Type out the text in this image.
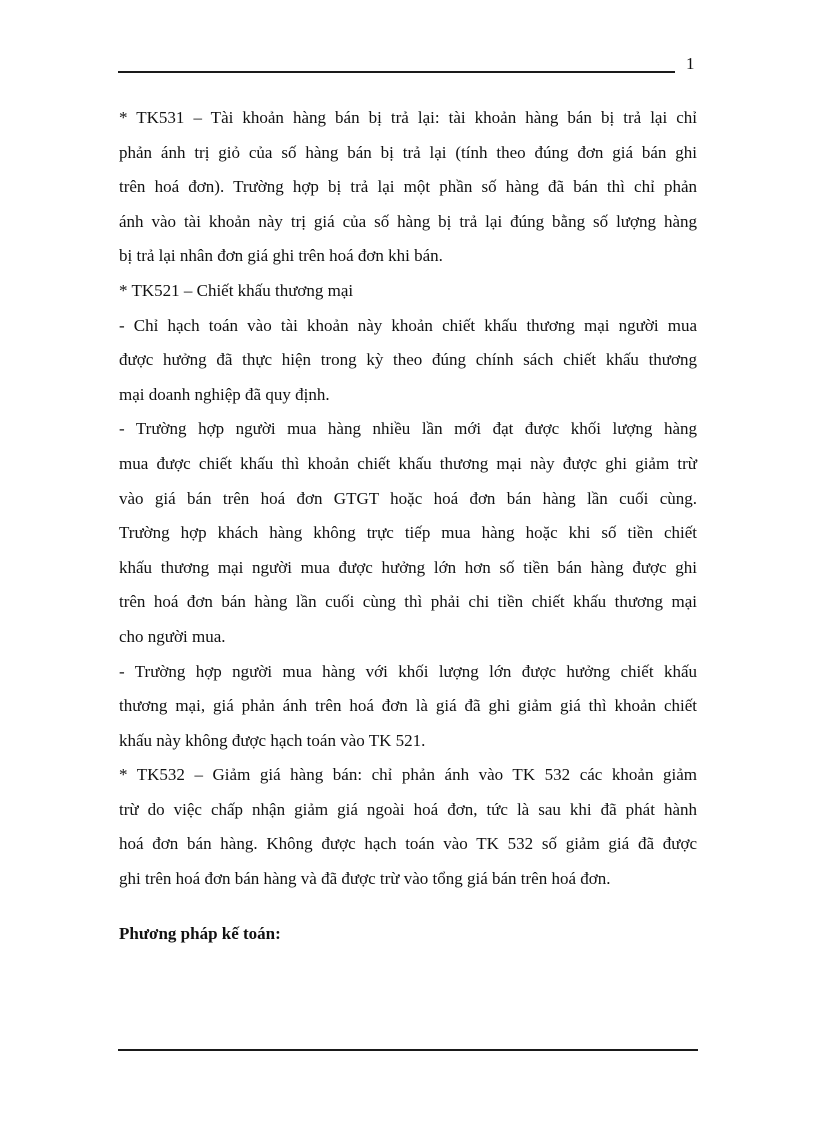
1
* TK531 – Tài khoản hàng bán bị trả lại: tài khoản hàng bán bị trả lại chỉ
phản ánh trị giỏ của số hàng bán bị trả lại (tính theo đúng đơn giá bán ghi
trên hoá đơn). Trường hợp bị trả lại một phần số hàng đã bán thì chỉ phản
ánh vào tài khoản này trị giá của số hàng bị trả lại đúng bằng số lượng hàng
bị trả lại nhân đơn giá ghi trên hoá đơn khi bán.
* TK521 – Chiết khấu thương mại
- Chỉ hạch toán vào tài khoản này khoản chiết khấu thương mại người mua
được hưởng đã thực hiện trong kỳ theo đúng chính sách chiết khấu thương
mại doanh nghiệp đã quy định.
- Trường hợp người mua hàng nhiều lần mới đạt được khối lượng hàng
mua được chiết khấu thì khoản chiết khấu thương mại này được ghi giảm trừ
vào giá bán trên hoá đơn GTGT hoặc hoá đơn bán hàng lần cuối cùng.
Trường hợp khách hàng không trực tiếp mua hàng hoặc khi số tiền chiết
khấu thương mại người mua được hưởng lớn hơn số tiền bán hàng được ghi
trên hoá đơn bán hàng lần cuối cùng thì phải chi tiền chiết khấu thương mại
cho người mua.
- Trường hợp người mua hàng với khối lượng lớn được hưởng chiết khấu
thương mại, giá phản ánh trên hoá đơn là giá đã ghi giảm giá thì khoản chiết
khấu này không được hạch toán vào TK 521.
* TK532 – Giảm giá hàng bán: chỉ phản ánh vào TK 532 các khoản giảm
trừ do việc chấp nhận giảm giá ngoài hoá đơn, tức là sau khi đã phát hành
hoá đơn bán hàng. Không được hạch toán vào TK 532 số giảm giá đã được
ghi trên hoá đơn bán hàng và đã được trừ vào tổng giá bán trên hoá đơn.
Phương pháp kế toán:
